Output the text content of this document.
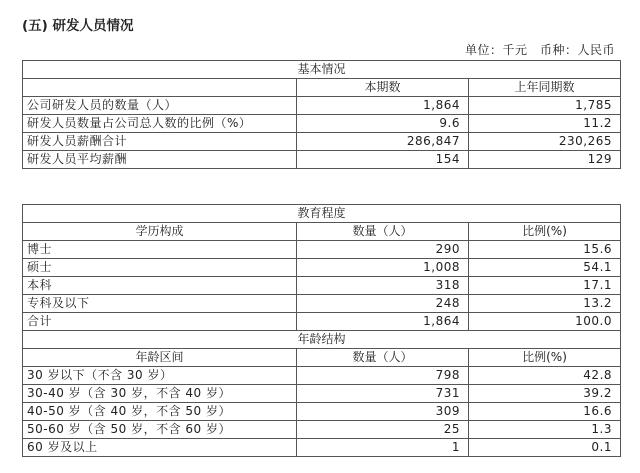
(五) 研发人员情况
单位：千元　币种：人民币
基本情况		
	本期数	上年同期数
公司研发人员的数量（人）	1,864	1,785
研发人员数量占公司总人数的比例（%）	9.6	11.2
研发人员薪酬合计	286,847	230,265
研发人员平均薪酬	154	129
教育程度		
学历构成	数量（人）	比例(%)
博士	290	15.6
硕士	1,008	54.1
本科	318	17.1
专科及以下	248	13.2
合计	1,864	100.0
年龄结构		
年龄区间	数量（人）	比例(%)
30 岁以下（不含 30 岁）	798	42.8
30-40 岁（含 30 岁，不含 40 岁）	731	39.2
40-50 岁（含 40 岁，不含 50 岁）	309	16.6
50-60 岁（含 50 岁，不含 60 岁）	25	1.3
60 岁及以上	1	0.1
